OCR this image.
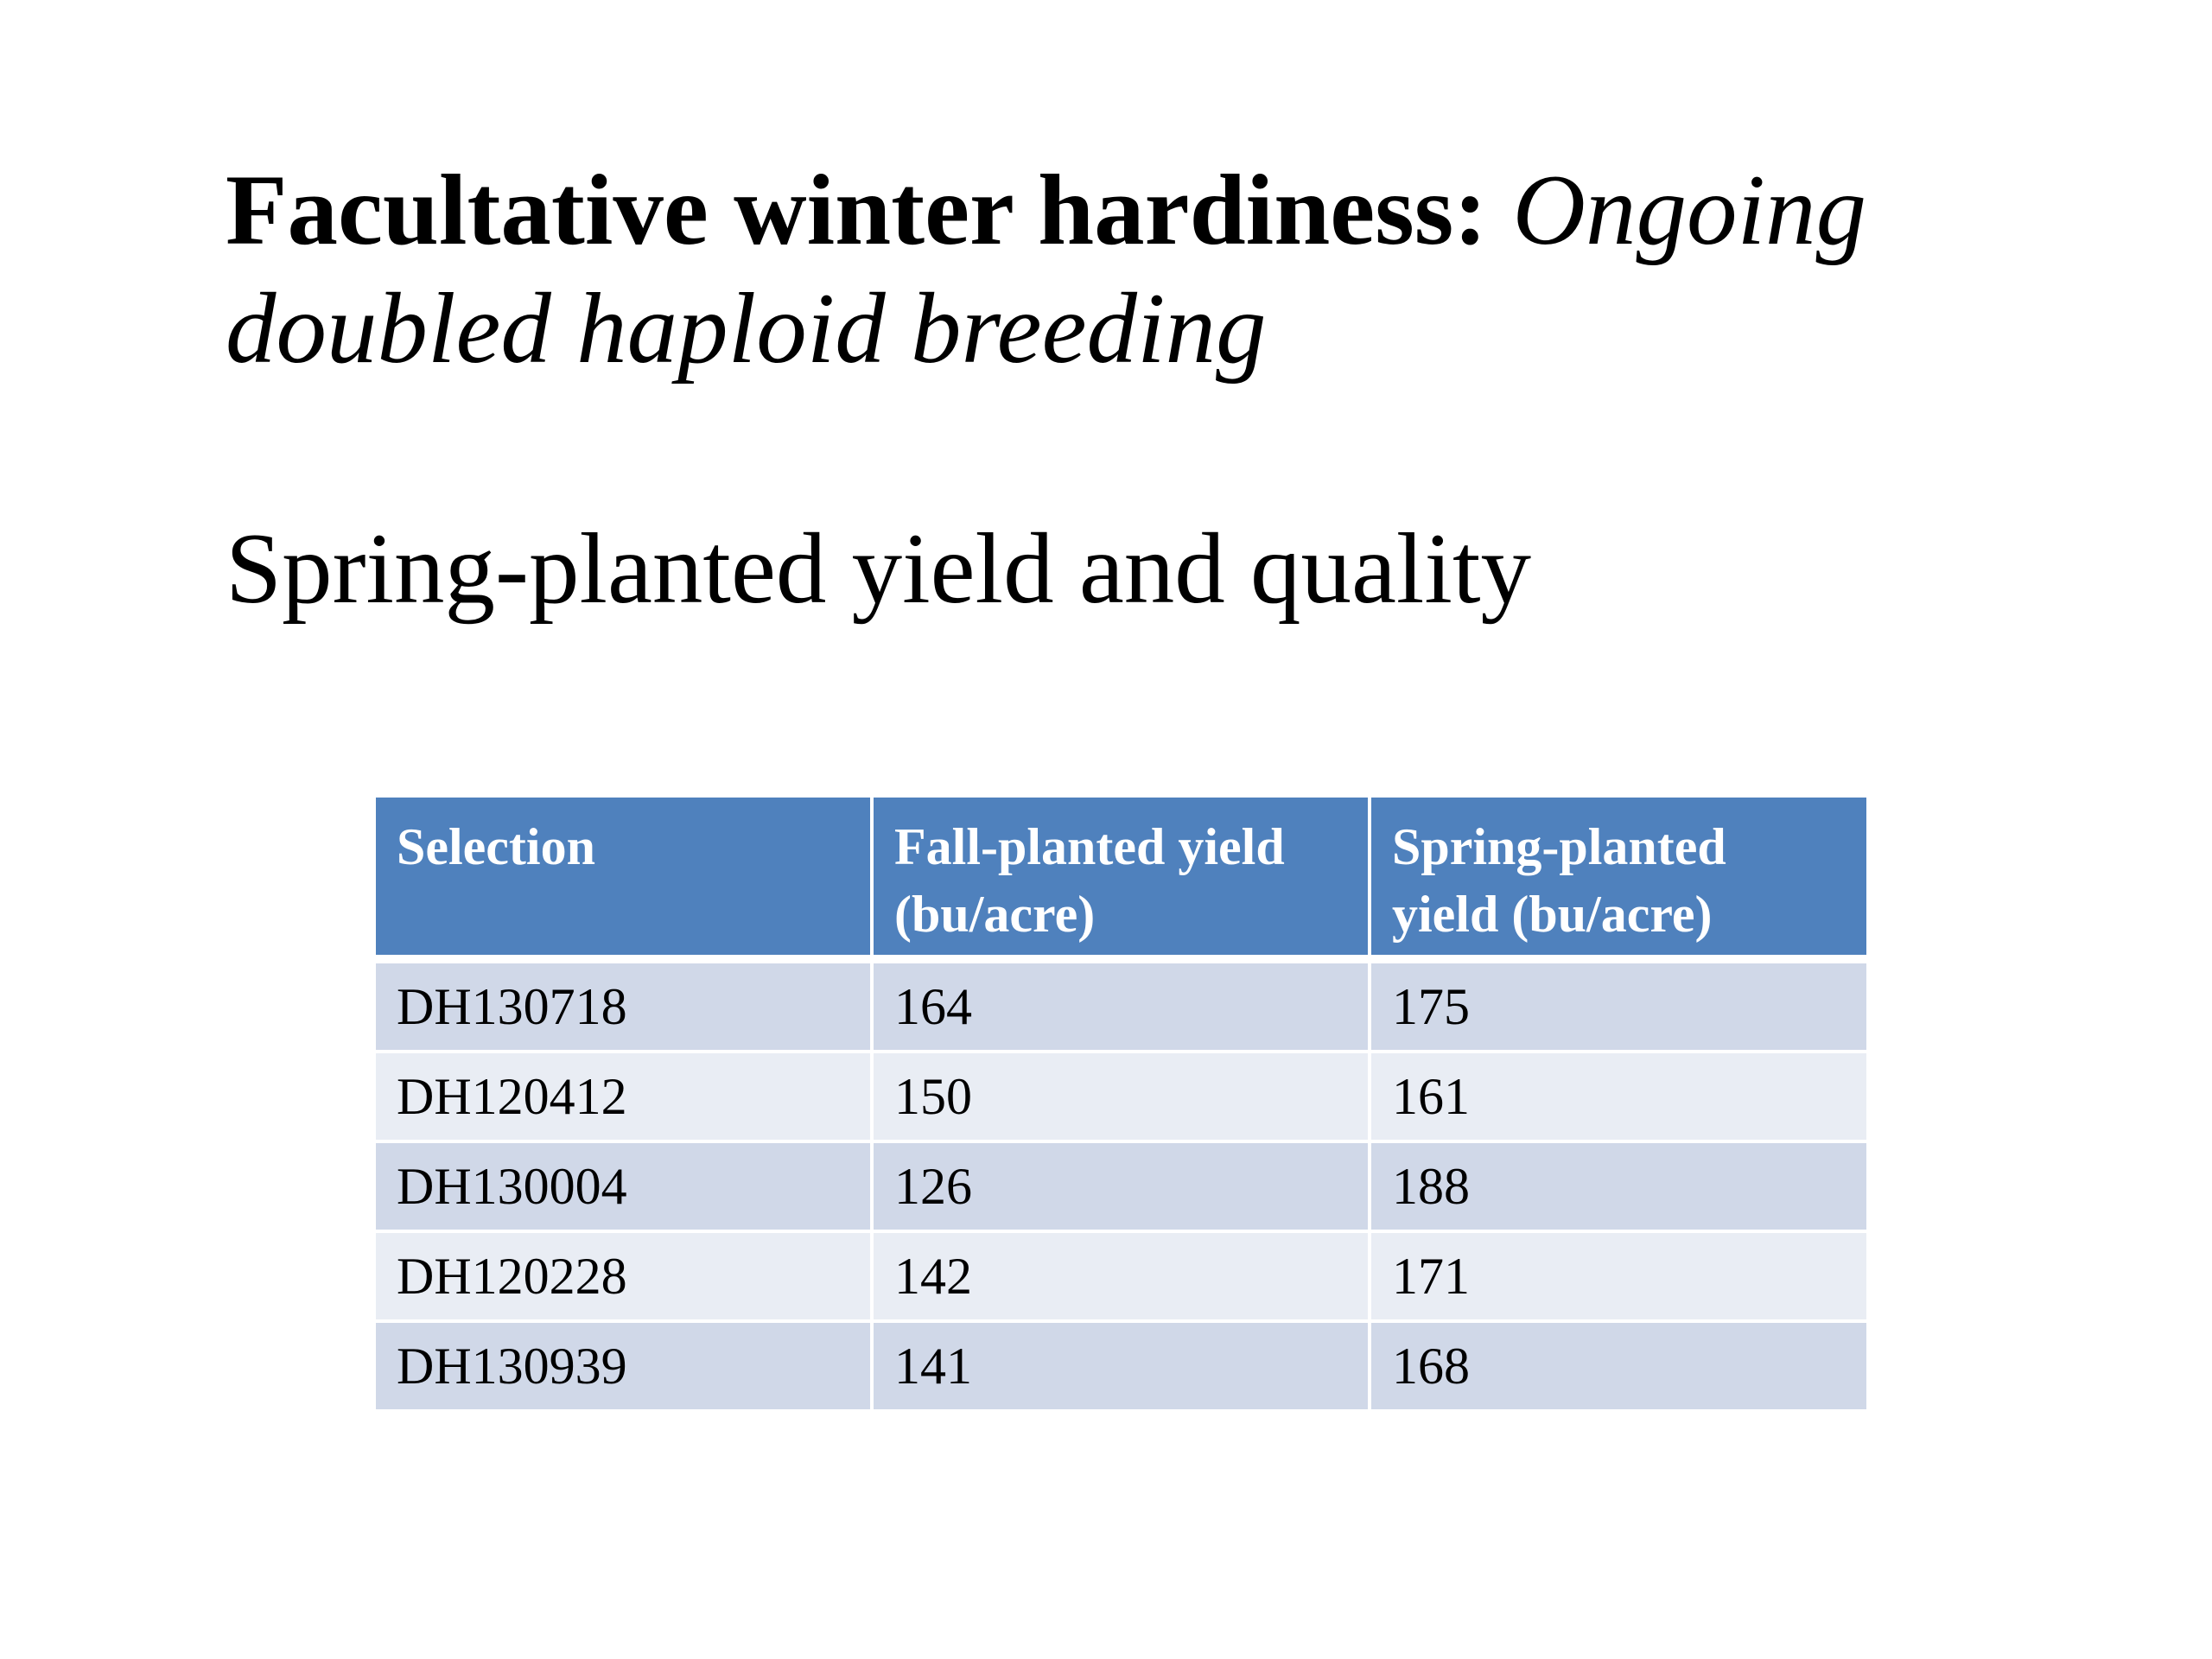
Facultative winter hardiness: Ongoing doubled haploid breeding
Spring-planted yield and quality
Selection	Fall-planted yield (bu/acre)	Spring-planted yield (bu/acre)
DH130718	164	175
DH120412	150	161
DH130004	126	188
DH120228	142	171
DH130939	141	168
